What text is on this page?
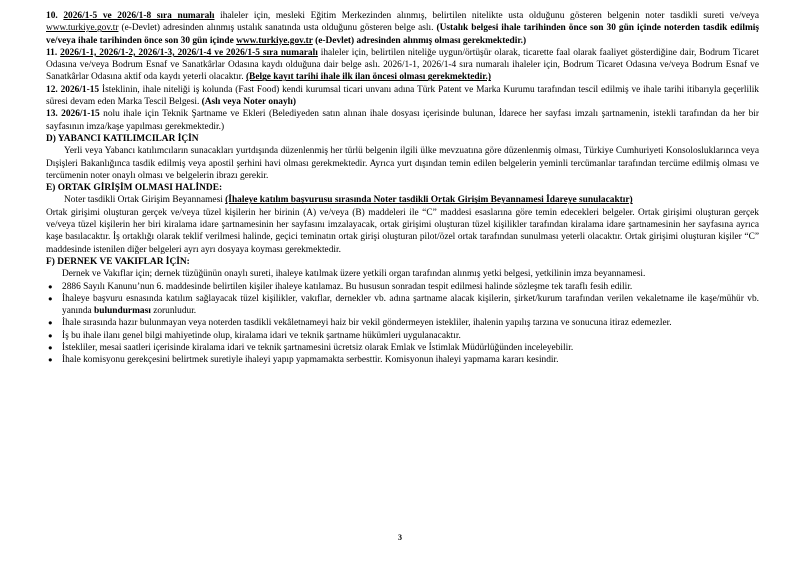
10. 2026/1-5 ve 2026/1-8 sıra numaralı ihaleler için, mesleki Eğitim Merkezinden alınmış, belirtilen nitelikte usta olduğunu gösteren belgenin noter tasdikli sureti ve/veya www.turkiye.gov.tr (e-Devlet) adresinden alınmış ustalık sanatında usta olduğunu gösteren belge aslı. (Ustalık belgesi ihale tarihinden önce son 30 gün içinde noterden tasdik edilmiş ve/veya ihale tarihinden önce son 30 gün içinde www.turkiye.gov.tr (e-Devlet) adresinden alınmış olması gerekmektedir.)

11. 2026/1-1, 2026/1-2, 2026/1-3, 2026/1-4 ve 2026/1-5 sıra numaralı ihaleler için, belirtilen niteliğe uygun/örtüşür olarak, ticarette faal olarak faaliyet gösterdiğine dair, Bodrum Ticaret Odasına ve/veya Bodrum Esnaf ve Sanatkârlar Odasına kaydı olduğuna dair belge aslı. 2026/1-1, 2026/1-4 sıra numaralı ihaleler için, Bodrum Ticaret Odasına ve/veya Bodrum Esnaf ve Sanatkârlar Odasına aktif oda kaydı yeterli olacaktır. (Belge kayıt tarihi ihale ilk ilan öncesi olması gerekmektedir.)

12. 2026/1-15 İsteklinin, ihale niteliği iş kolunda (Fast Food) kendi kurumsal ticari unvanı adına Türk Patent ve Marka Kurumu tarafından tescil edilmiş ve ihale tarihi itibarıyla geçerlilik süresi devam eden Marka Tescil Belgesi. (Aslı veya Noter onaylı)

13. 2026/1-15 nolu ihale için Teknik Şartname ve Ekleri (Belediyeden satın alınan ihale dosyası içerisinde bulunan, İdarece her sayfası imzalı şartnamenin, istekli tarafından da her bir sayfasının imza/kaşe yapılması gerekmektedir.)

D) YABANCI KATILIMCILAR İÇİN

Yerli veya Yabancı katılımcıların sunacakları yurtdışında düzenlenmiş her türlü belgenin ilgili ülke mevzuatına göre düzenlenmiş olması, Türkiye Cumhuriyeti Konsolosluklarınca veya Dışişleri Bakanlığınca tasdik edilmiş veya apostil şerhini havi olması gerekmektedir. Ayrıca yurt dışından temin edilen belgelerin yeminli tercümanlar tarafından tercüme edilmiş olması ve tercümenin noter onaylı olması ve belgelerin ibrazı gerekir.

E) ORTAK GİRİŞİM OLMASI HALİNDE:

Noter tasdikli Ortak Girişim Beyannamesi (İhaleye katılım başvurusu sırasında Noter tasdikli Ortak Girişim Beyannamesi İdareye sunulacaktır)

Ortak girişimi oluşturan gerçek ve/veya tüzel kişilerin her birinin (A) ve/veya (B) maddeleri ile “C” maddesi esaslarına göre temin edecekleri belgeler. Ortak girişimi oluşturan gerçek ve/veya tüzel kişilerin her biri kiralama idare şartnamesinin her sayfasını imzalayacak, ortak girişimi oluşturan tüzel kişilikler tarafından kiralama idare şartnamesinin her sayfasına ayrıca kaşe basılacaktır. İş ortaklığı olarak teklif verilmesi halinde, geçici teminatın ortak girişi oluşturan pilot/özel ortak tarafından sunulması yeterli olacaktır. Ortak girişimi oluşturan kişiler “C” maddesinde istenilen diğer belgeleri ayrı ayrı dosyaya koyması gerekmektedir.

F) DERNEK VE VAKIFLAR İÇİN:

Dernek ve Vakıflar için; dernek tüzüğünün onaylı sureti, ihaleye katılmak üzere yetkili organ tarafından alınmış yetki belgesi, yetkilinin imza beyannamesi.
● 2886 Sayılı Kanunu’nun 6. maddesinde belirtilen kişiler ihaleye katılamaz. Bu hususun sonradan tespit edilmesi halinde sözleşme tek taraflı fesih edilir.
● İhaleye başvuru esnasında katılım sağlayacak tüzel kişilikler, vakıflar, dernekler vb. adına şartname alacak kişilerin, şirket/kurum tarafından verilen vekaletname ile kaşe/mühür vb. yanında bulundurması zorunludur.
● İhale sırasında hazır bulunmayan veya noterden tasdikli vekâletnameyi haiz bir vekil göndermeyen istekliler, ihalenin yapılış tarzına ve sonucuna itiraz edemezler.
● İş bu ihale ilanı genel bilgi mahiyetinde olup, kiralama idari ve teknik şartname hükümleri uygulanacaktır.
● İstekliler, mesai saatleri içerisinde kiralama idari ve teknik şartnamesini ücretsiz olarak Emlak ve İstimlak Müdürlüğünden inceleyebilir.
● İhale komisyonu gerekçesini belirtmek suretiyle ihaleyi yapıp yapmamakta serbesttir. Komisyonun ihaleyi yapmama kararı kesindir.
3
